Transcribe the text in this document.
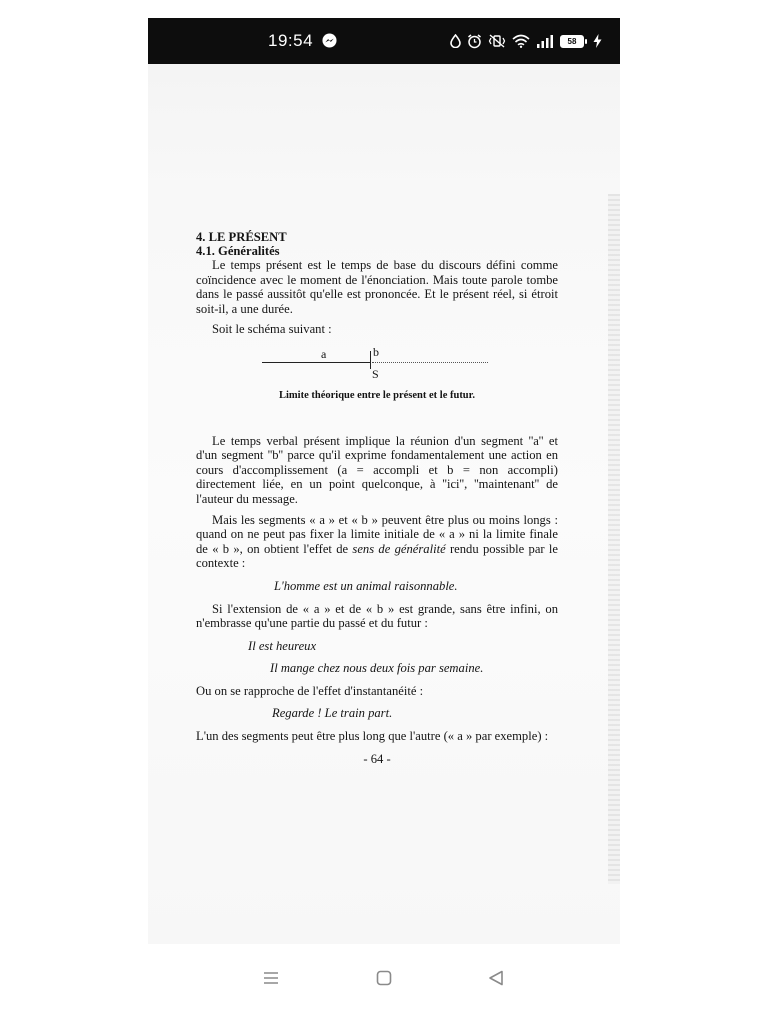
19:54	58

4. LE PRÉSENT

4.1. Généralités

Le temps présent est le temps de base du discours défini comme coïncidence avec le moment de l'énonciation. Mais toute parole tombe dans le passé aussitôt qu'elle est prononcée. Et le présent réel, si étroit soit-il, a une durée.

Soit le schéma suivant :

a	b
S

Limite théorique entre le présent et le futur.

Le temps verbal présent implique la réunion d'un segment ''a'' et d'un segment ''b'' parce qu'il exprime fondamentalement une action en cours d'accomplissement (a = accompli et b = non accompli) directement liée, en un point quelconque, à ''ici'', ''maintenant'' de l'auteur du message.

Mais les segments « a » et « b » peuvent être plus ou moins longs : quand on ne peut pas fixer la limite initiale de « a » ni la limite finale de « b », on obtient l'effet de sens de généralité rendu possible par le contexte :

L'homme est un animal raisonnable.

Si l'extension de « a » et de « b » est grande, sans être infini, on n'embrasse qu'une partie du passé et du futur :

Il est heureux

Il mange chez nous deux fois par semaine.

Ou on se rapproche de l'effet d'instantanéité :

Regarde ! Le train part.

L'un des segments peut être plus long que l'autre (« a » par exemple) :

- 64 -
